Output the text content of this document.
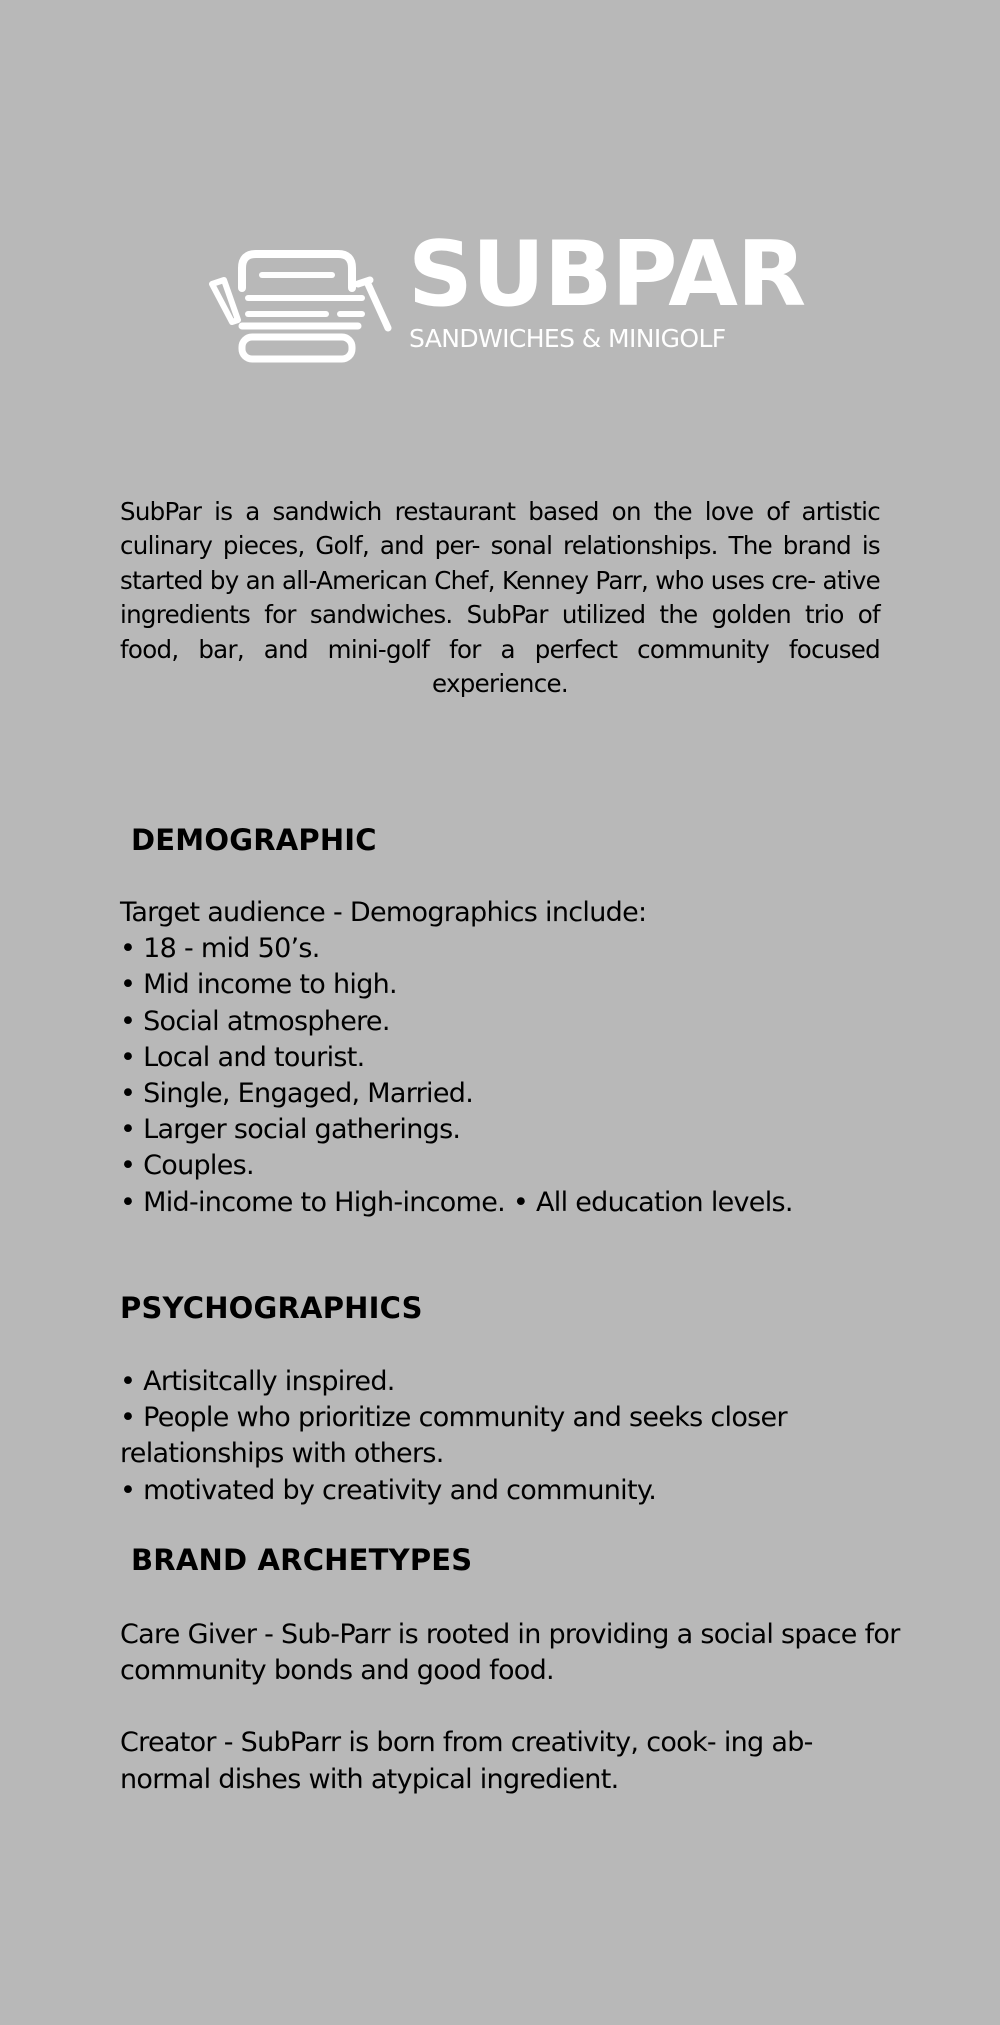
SUBPAR
SANDWICHES & MINIGOLF

SubPar is a sandwich restaurant based on the love of artistic culinary pieces, Golf, and per- sonal relationships. The brand is started by an all-American Chef, Kenney Parr, who uses cre- ative ingredients for sandwiches. SubPar utilized the golden trio of food, bar, and mini-golf for a perfect community focused experience.

DEMOGRAPHIC
Target audience - Demographics include:
• 18 - mid 50’s.
• Mid income to high.
• Social atmosphere.
• Local and tourist.
• Single, Engaged, Married.
• Larger social gatherings.
• Couples.
• Mid-income to High-income. • All education levels.
PSYCHOGRAPHICS
• Artisitcally inspired.
• People who prioritize community and seeks closer relationships with others.
• motivated by creativity and community.
BRAND ARCHETYPES

Care Giver - Sub-Parr is rooted in providing a social space for community bonds and good food.

Creator - SubParr is born from creativity, cook- ing ab- normal dishes with atypical ingredient.
